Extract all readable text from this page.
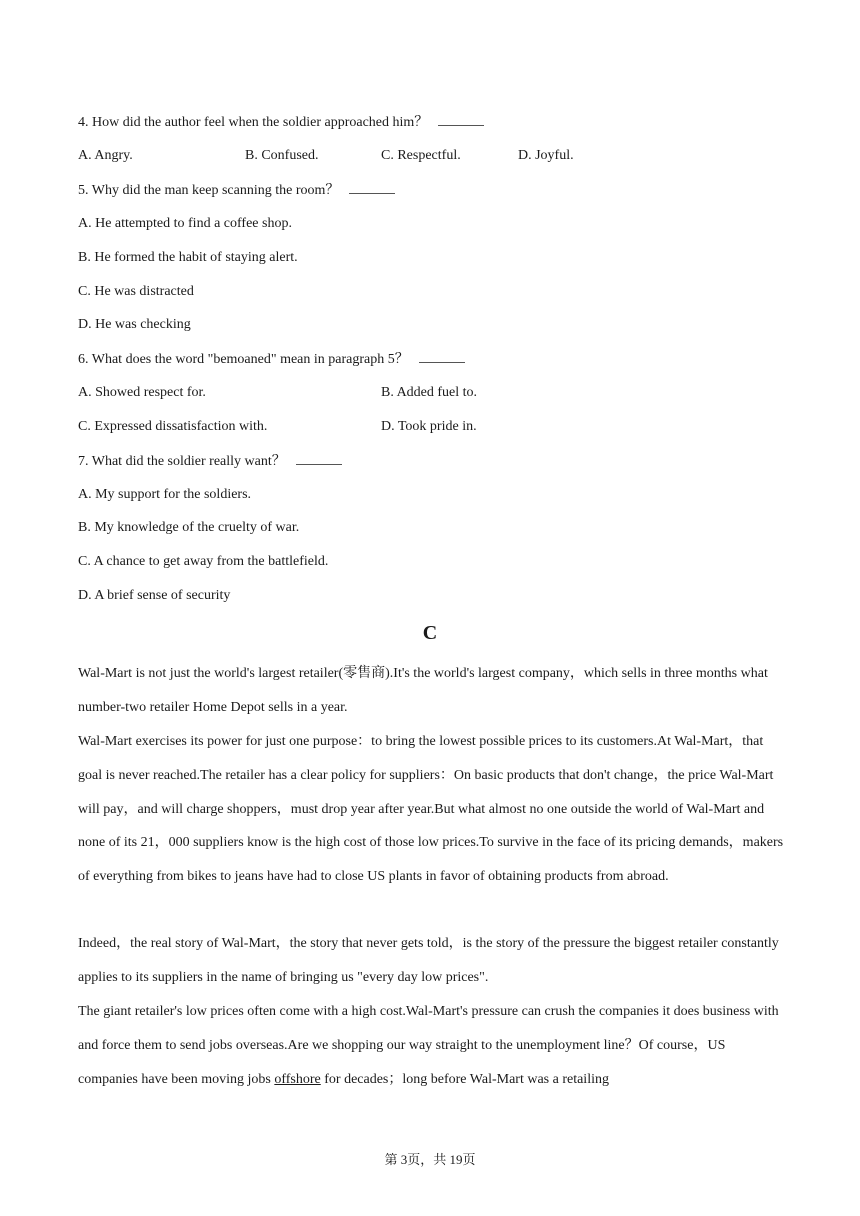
4. How did the author feel when the soldier approached him？
A. Angry.	B. Confused.	C. Respectful.	D. Joyful.
5. Why did the man keep scanning the room？
A. He attempted to find a coffee shop.
B. He formed the habit of staying alert.
C. He was distracted
D. He was checking
6. What does the word "bemoaned" mean in paragraph 5？
A. Showed respect for.	B. Added fuel to.
C. Expressed dissatisfaction with.	D. Took pride in.
7. What did the soldier really want？
A. My support for the soldiers.
B. My knowledge of the cruelty of war.
C. A chance to get away from the battlefield.
D. A brief sense of security
C
Wal-Mart is not just the world's largest retailer(零售商).It's the world's largest company，which sells in three months what number-two retailer Home Depot sells in a year.
Wal-Mart exercises its power for just one purpose：to bring the lowest possible prices to its customers.At Wal-Mart，that goal is never reached.The retailer has a clear policy for suppliers：On basic products that don't change，the price Wal-Mart will pay，and will charge shoppers，must drop year after year.But what almost no one outside the world of Wal-Mart and none of its 21，000 suppliers know is the high cost of those low prices.To survive in the face of its pricing demands，makers of everything from bikes to jeans have had to close US plants in favor of obtaining products from abroad.
Indeed，the real story of Wal-Mart，the story that never gets told，is the story of the pressure the biggest retailer constantly applies to its suppliers in the name of bringing us "every day low prices".
The giant retailer's low prices often come with a high cost.Wal-Mart's pressure can crush the companies it does business with and force them to send jobs overseas.Are we shopping our way straight to the unemployment line？Of course，US companies have been moving jobs offshore for decades；long before Wal-Mart was a retailing
第 3页，共 19页
